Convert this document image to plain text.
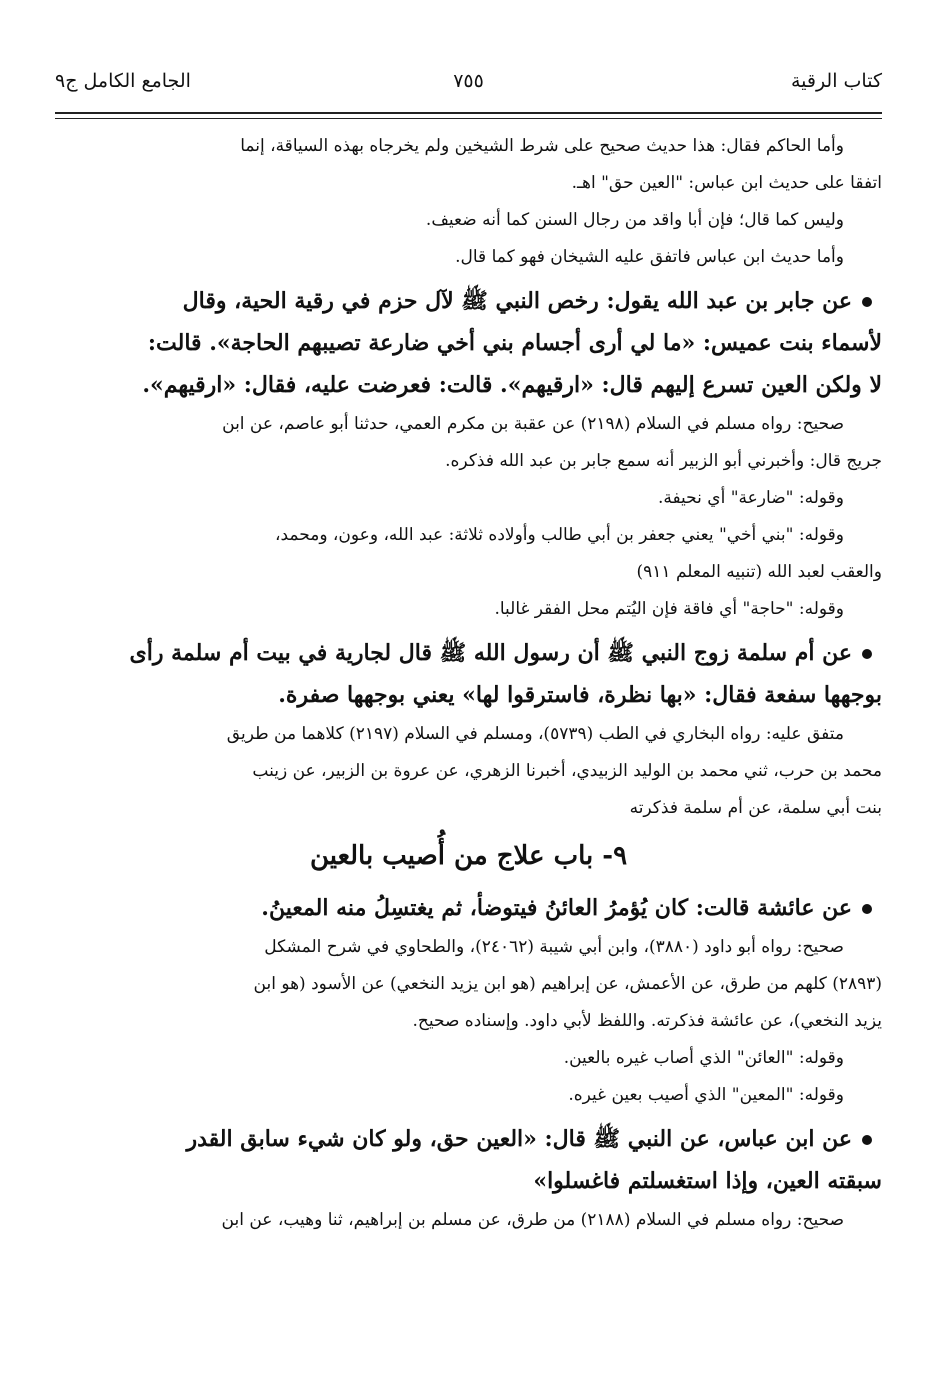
كتاب الرقية
٧٥٥
الجامع الكامل ج٩
وأما الحاكم فقال: هذا حديث صحيح على شرط الشيخين ولم يخرجاه بهذه السياقة، إنما
اتفقا على حديث ابن عباس: "العين حق" اهـ.
وليس كما قال؛ فإن أبا واقد من رجال السنن كما أنه ضعيف.
وأما حديث ابن عباس فاتفق عليه الشيخان فهو كما قال.
عن جابر بن عبد الله يقول: رخص النبي ﷺ لآل حزم في رقية الحية، وقال
لأسماء بنت عميس: «ما لي أرى أجسام بني أخي ضارعة تصيبهم الحاجة». قالت:
لا ولكن العين تسرع إليهم قال: «ارقيهم». قالت: فعرضت عليه، فقال: «ارقيهم».
صحيح: رواه مسلم في السلام (٢١٩٨) عن عقبة بن مكرم العمي، حدثنا أبو عاصم، عن ابن
جريج قال: وأخبرني أبو الزبير أنه سمع جابر بن عبد الله فذكره.
وقوله: "ضارعة" أي نحيفة.
وقوله: "بني أخي" يعني جعفر بن أبي طالب وأولاده ثلاثة: عبد الله، وعون، ومحمد،
والعقب لعبد الله (تنبيه المعلم ٩١١)
وقوله: "حاجة" أي فاقة فإن اليُتم محل الفقر غالبا.
عن أم سلمة زوج النبي ﷺ أن رسول الله ﷺ قال لجارية في بيت أم سلمة رأى
بوجهها سفعة فقال: «بها نظرة، فاسترقوا لها» يعني بوجهها صفرة.
متفق عليه: رواه البخاري في الطب (٥٧٣٩)، ومسلم في السلام (٢١٩٧) كلاهما من طريق
محمد بن حرب، ثني محمد بن الوليد الزبيدي، أخبرنا الزهري، عن عروة بن الزبير، عن زينب
بنت أبي سلمة، عن أم سلمة فذكرته
٩- باب علاج من أُصيب بالعين
عن عائشة قالت: كان يُؤمرُ العائنُ فيتوضأ، ثم يغتسِلُ منه المعينُ.
صحيح: رواه أبو داود (٣٨٨٠)، وابن أبي شيبة (٢٤٠٦٢)، والطحاوي في شرح المشكل
(٢٨٩٣) كلهم من طرق، عن الأعمش، عن إبراهيم (هو ابن يزيد النخعي) عن الأسود (هو ابن
يزيد النخعي)، عن عائشة فذكرته. واللفظ لأبي داود. وإسناده صحيح.
وقوله: "العائن" الذي أصاب غيره بالعين.
وقوله: "المعين" الذي أصيب بعين غيره.
عن ابن عباس، عن النبي ﷺ قال: «العين حق، ولو كان شيء سابق القدر
سبقته العين، وإذا استغسلتم فاغسلوا»
صحيح: رواه مسلم في السلام (٢١٨٨) من طرق، عن مسلم بن إبراهيم، ثنا وهيب، عن ابن
